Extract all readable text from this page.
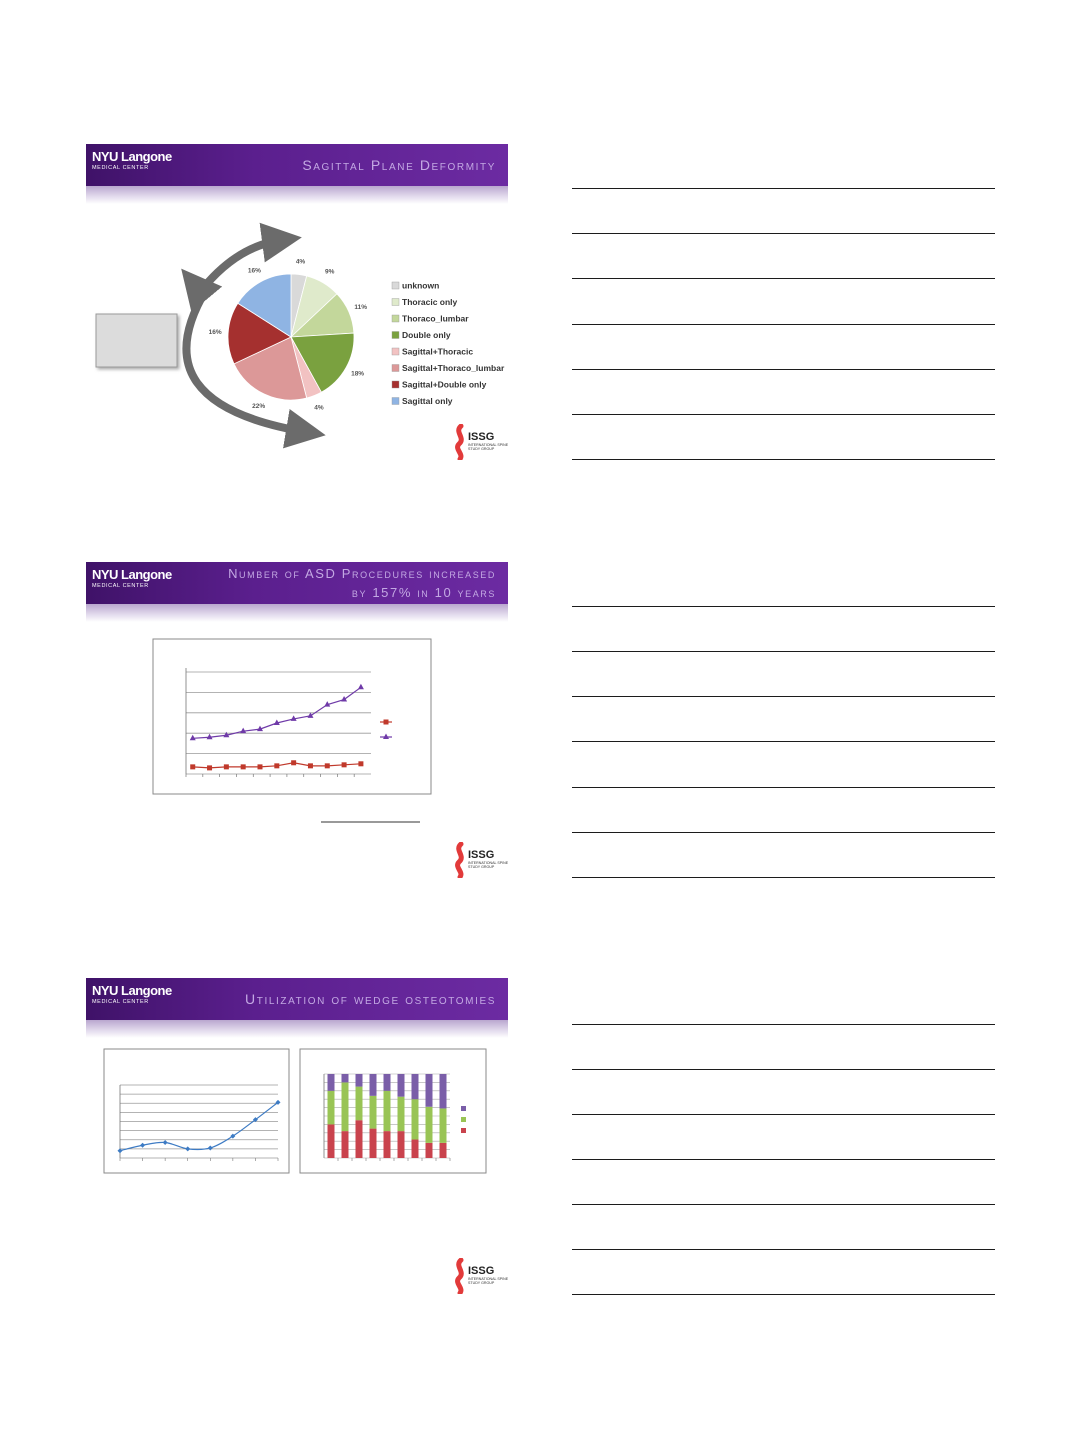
NYU Langone
MEDICAL CENTER	Sagittal Plane Deformity
4%
9%
11%
18%
4%
22%
16%
16%
unknown
Thoracic only
Thoraco_lumbar
Double only
Sagittal+Thoracic
Sagittal+Thoraco_lumbar
Sagittal+Double only
Sagittal only
ISSG
INTERNATIONAL SPINE
STUDY GROUP
NYU Langone
MEDICAL CENTER
Number of ASD Procedures increased
by 157% in 10 years
ISSG
INTERNATIONAL SPINE
STUDY GROUP
NYU Langone
MEDICAL CENTER	Utilization of wedge osteotomies
ISSG
INTERNATIONAL SPINE
STUDY GROUP
